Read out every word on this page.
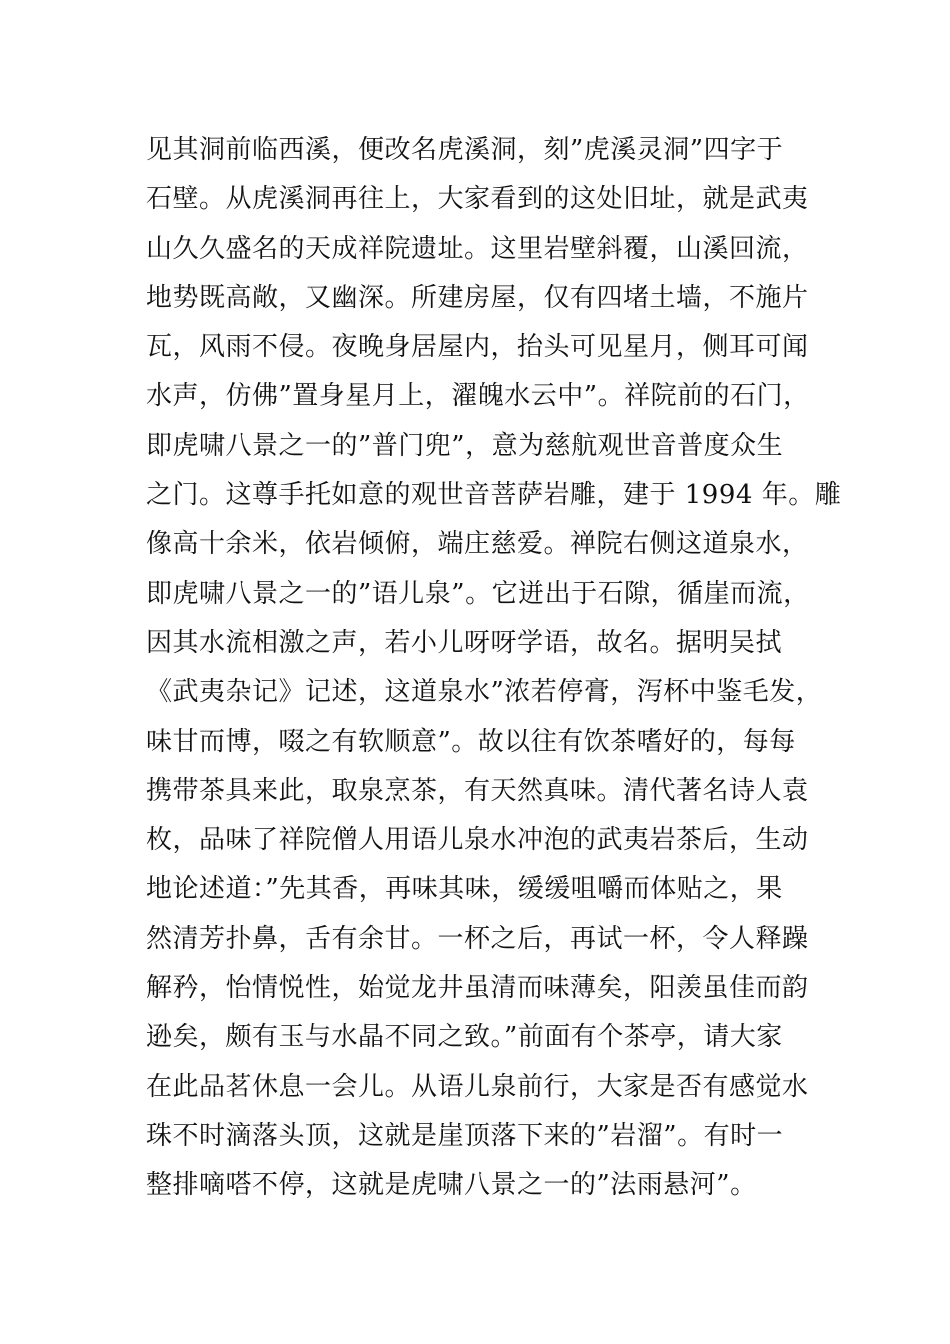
见其洞前临西溪，便改名虎溪洞，刻”虎溪灵洞”四字于
石壁。从虎溪洞再往上，大家看到的这处旧址，就是武夷
山久久盛名的天成祥院遗址。这里岩壁斜覆，山溪回流，
地势既高敞，又幽深。所建房屋，仅有四堵土墙，不施片
瓦，风雨不侵。夜晚身居屋内，抬头可见星月，侧耳可闻
水声，仿佛”置身星月上，濯魄水云中”。祥院前的石门，
即虎啸八景之一的”普门兜”，意为慈航观世音普度众生
之门。这尊手托如意的观世音菩萨岩雕，建于 1994 年。雕
像高十余米，依岩倾俯，端庄慈爱。禅院右侧这道泉水，
即虎啸八景之一的”语儿泉”。它迸出于石隙，循崖而流，
因其水流相激之声，若小儿呀呀学语，故名。据明吴拭
《武夷杂记》记述，这道泉水”浓若停膏，泻杯中鉴毛发，
味甘而博，啜之有软顺意”。故以往有饮茶嗜好的，每每
携带茶具来此，取泉烹茶，有天然真味。清代著名诗人袁
枚，品味了祥院僧人用语儿泉水冲泡的武夷岩茶后，生动
地论述道：”先其香，再味其味，缓缓咀嚼而体贴之，果
然清芳扑鼻，舌有余甘。一杯之后，再试一杯，令人释躁
解矜，怡情悦性，始觉龙井虽清而味薄矣，阳羡虽佳而韵
逊矣，颇有玉与水晶不同之致。”前面有个茶亭，请大家
在此品茗休息一会儿。从语儿泉前行，大家是否有感觉水
珠不时滴落头顶，这就是崖顶落下来的”岩溜”。有时一
整排嘀嗒不停，这就是虎啸八景之一的”法雨悬河”。
